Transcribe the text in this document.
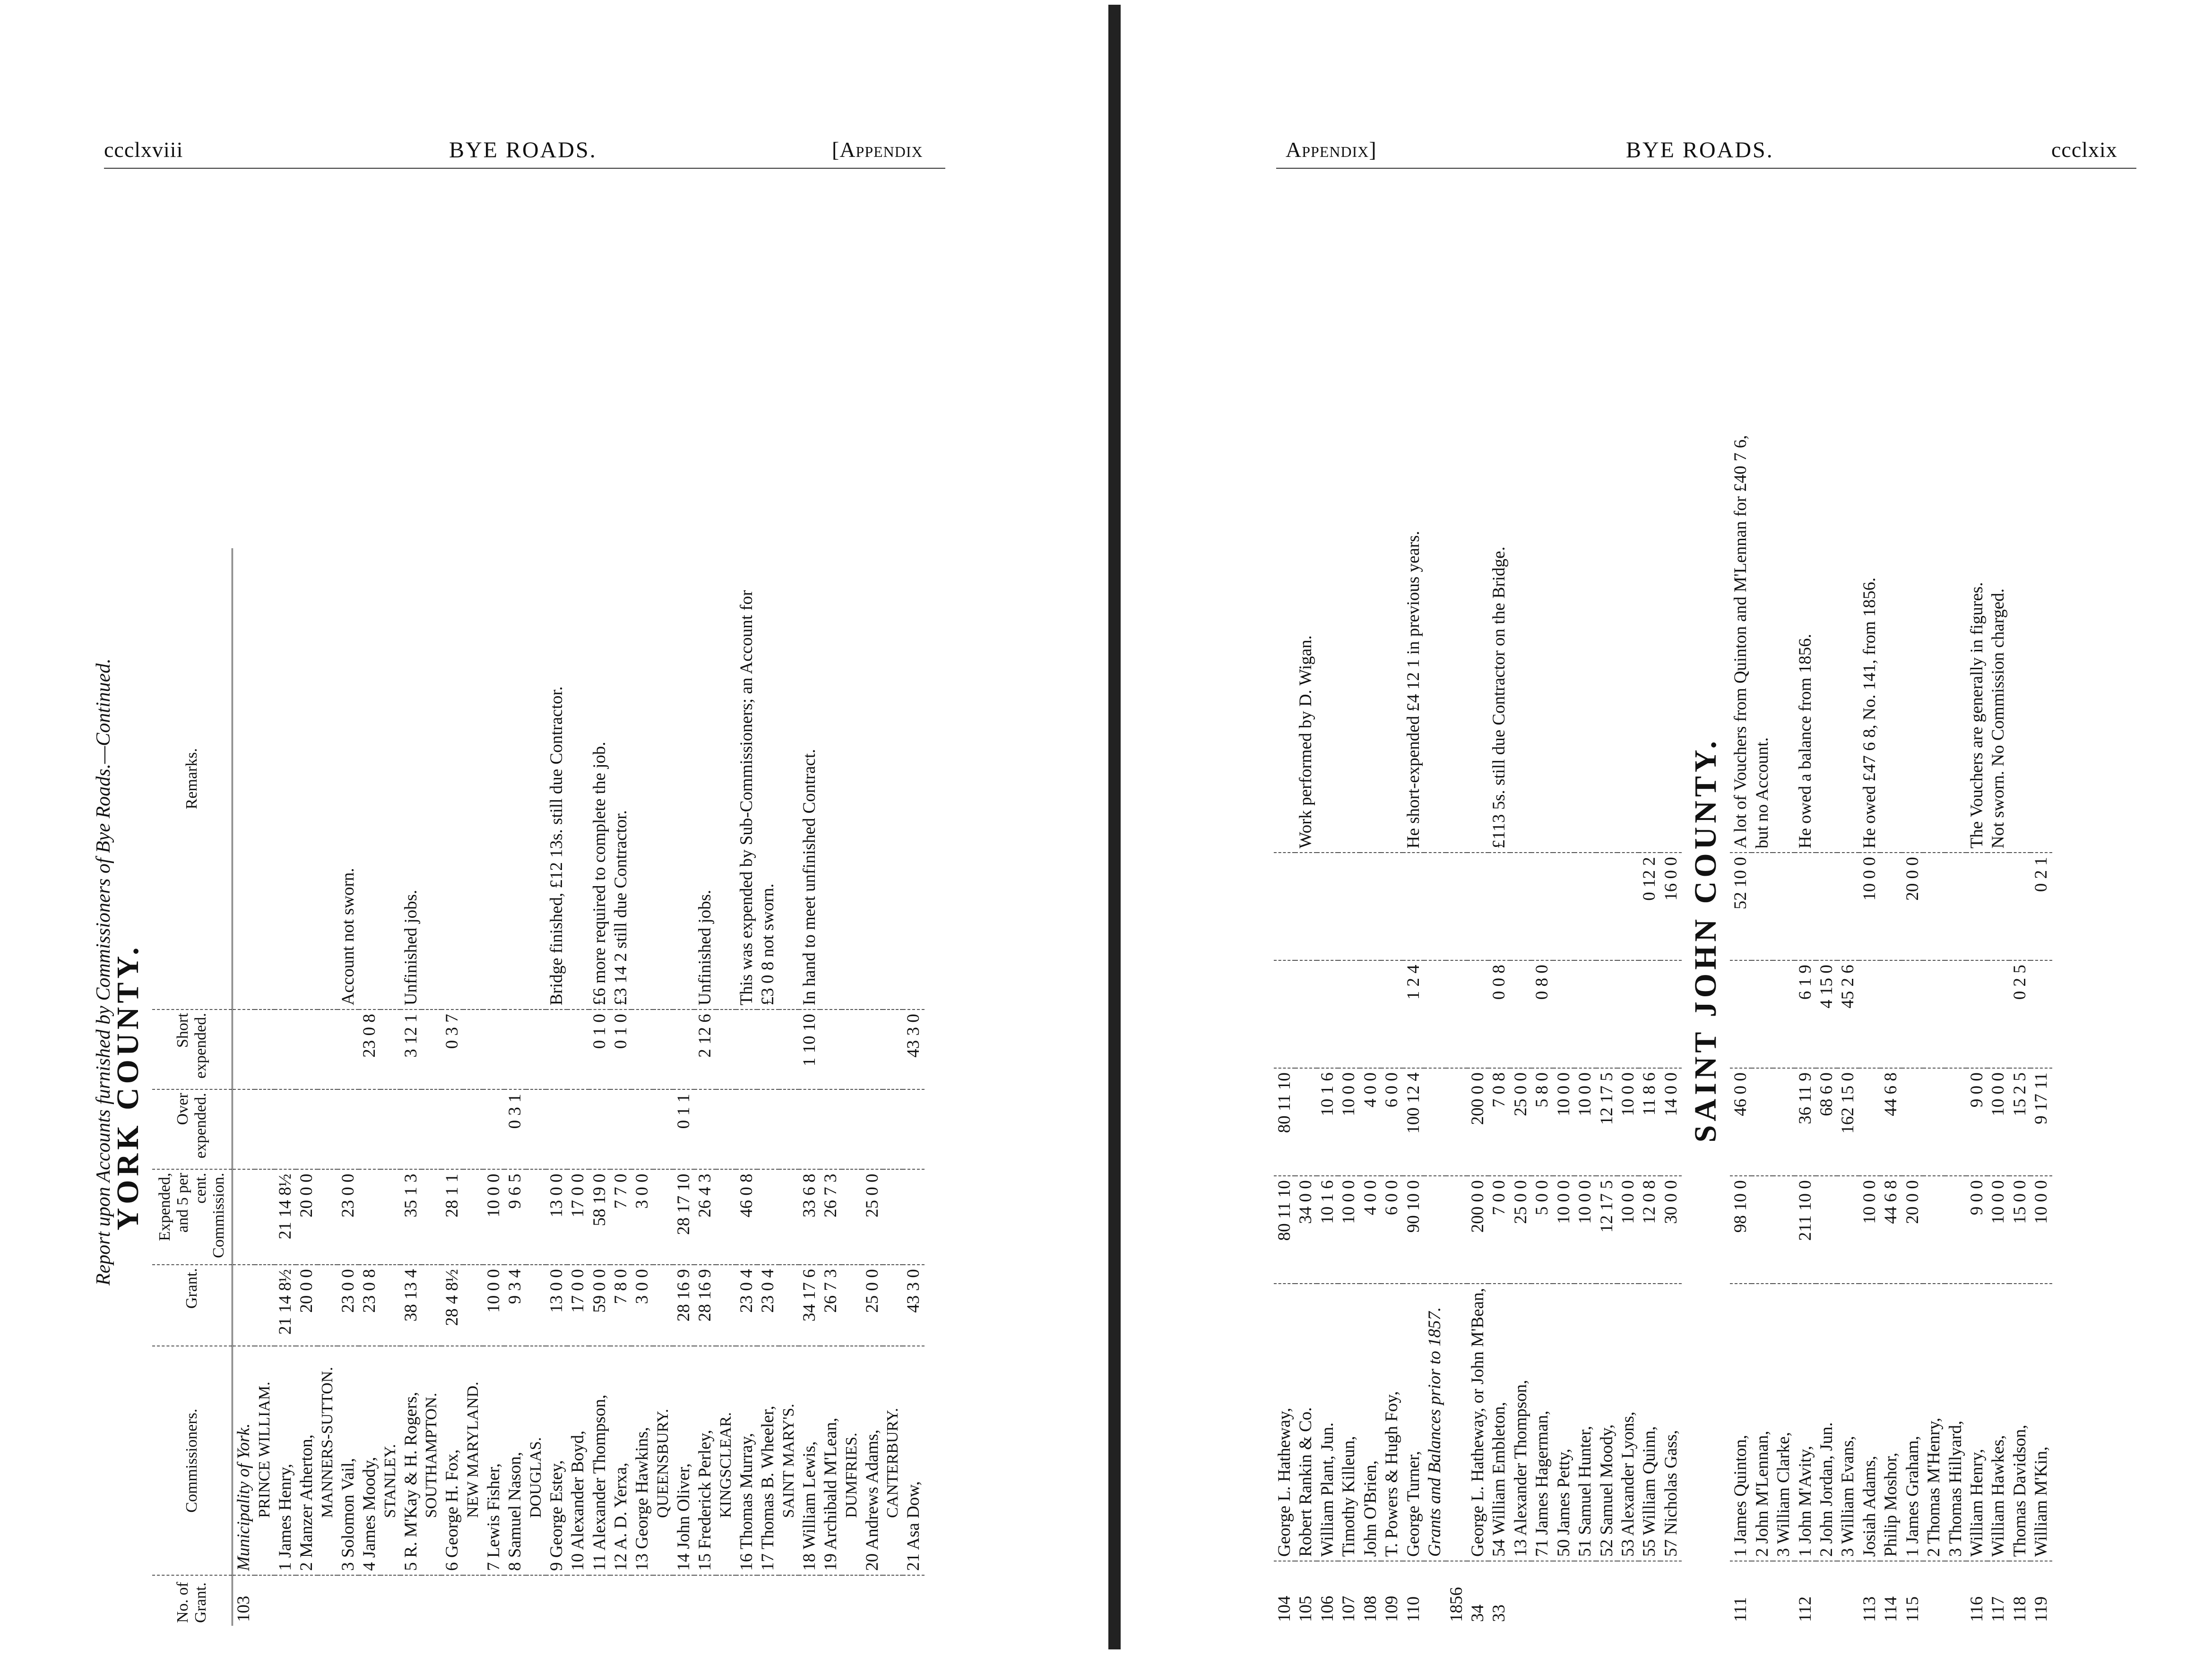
ccclxviii	BYE ROADS.	[Appendix
Report upon Accounts furnished by Commissioners of Bye Roads.—Continued.
YORK COUNTY.						
No. of Grant.	Commissioners.	Grant.	Expended, and 5 per cent. Commission.	Over expended.	Short expended.	Remarks.
103	Municipality of York.					
	PRINCE WILLIAM.					
	1 James Henry,	21 14 8½	21 14 8½			
	2 Manzer Atherton,	20 0 0	20 0 0			
	MANNERS-SUTTON.					
	3 Solomon Vail,	23 0 0	23 0 0			Account not sworn.
	4 James Moody,	23 0 8			23 0 8	
	STANLEY.					
	5 R. M'Kay & H. Rogers,	38 13 4	35 1 3		3 12 1	Unfinished jobs.
	SOUTHAMPTON.					
	6 George H. Fox,	28 4 8½	28 1 1		0 3 7	
	NEW MARYLAND.					
	7 Lewis Fisher,	10 0 0	10 0 0			
	8 Samuel Nason,	9 3 4	9 6 5	0 3 1		
	DOUGLAS.					
	9 George Estey,	13 0 0	13 0 0			Bridge finished, £12 13s. still due Contractor.
	10 Alexander Boyd,	17 0 0	17 0 0			
	11 Alexander Thompson,	59 0 0	58 19 0		0 1 0	£6 more required to complete the job.
	12 A. D. Yerxa,	7 8 0	7 7 0		0 1 0	£3 14 2 still due Contractor.
	13 George Hawkins,	3 0 0	3 0 0			
	QUEENSBURY.					
	14 John Oliver,	28 16 9	28 17 10	0 1 1		
	15 Frederick Perley,	28 16 9	26 4 3		2 12 6	Unfinished jobs.
	KINGSCLEAR.					
	16 Thomas Murray,	23 0 4	46 0 8			This was expended by Sub-Commissioners; an Account for
	17 Thomas B. Wheeler,	23 0 4				£3 0 8 not sworn.
	SAINT MARY'S.					
	18 William Lewis,	34 17 6	33 6 8		1 10 10	In hand to meet unfinished Contract.
	19 Archibald M'Lean,	26 7 3	26 7 3			
	DUMFRIES.					
	20 Andrews Adams,	25 0 0	25 0 0			
	CANTERBURY.					
	21 Asa Dow,	43 3 0			43 3 0	
Appendix]	BYE ROADS.	ccclxix
104	George L. Hatheway,	80 11 10	80 11 10			
105	Robert Rankin & Co.	34 0 0				Work performed by D. Wigan.
106	William Plant, Jun.	10 1 6	10 1 6			
107	Timothy Killeun,	10 0 0	10 0 0			
108	John O'Brien,	4 0 0	4 0 0			
109	T. Powers & Hugh Foy,	6 0 0	6 0 0			
110	George Turner,	90 10 0	100 12 4	1 2 4		He short-expended £4 12 1 in previous years.
	Grants and Balances prior to 1857.					
1856						
34	George L. Hatheway, or John M'Bean,	200 0 0	200 0 0			
33	54 William Embleton,	7 0 0	7 0 8	0 0 8		£113 5s. still due Contractor on the Bridge.
	13 Alexander Thompson,	25 0 0	25 0 0			
	71 James Hagerman,	5 0 0	5 8 0	0 8 0		
	50 James Petty,	10 0 0	10 0 0			
	51 Samuel Hunter,	10 0 0	10 0 0			
	52 Samuel Moody,	12 17 5	12 17 5			
	53 Alexander Lyons,	10 0 0	10 0 0			
	55 William Quinn,	12 0 8	11 8 6		0 12 2	
	57 Nicholas Gass,	30 0 0	14 0 0		16 0 0	
SAINT JOHN COUNTY.						
111	1 James Quinton,	98 10 0	46 0 0		52 10 0	A lot of Vouchers from Quinton and M'Lennan for £40 7 6,
	2 John M'Lennan,					but no Account.
	3 William Clarke,					
112	1 John M'Avity,	211 10 0	36 11 9	6 1 9		He owed a balance from 1856.
	2 John Jordan, Jun.		68 6 0	4 15 0		
	3 William Evans,		162 15 0	45 2 6		
113	Josiah Adams,	10 0 0			10 0 0	He owed £47 6 8, No. 141, from 1856.
114	Philip Moshor,	44 6 8	44 6 8			
115	1 James Graham,	20 0 0			20 0 0	
	2 Thomas M'Henry,					
	3 Thomas Hillyard,					
116	William Henry,	9 0 0	9 0 0			The Vouchers are generally in figures.
117	William Hawkes,	10 0 0	10 0 0			Not sworn. No Commission charged.
118	Thomas Davidson,	15 0 0	15 2 5	0 2 5		
119	William M'Kin,	10 0 0	9 17 11		0 2 1	
